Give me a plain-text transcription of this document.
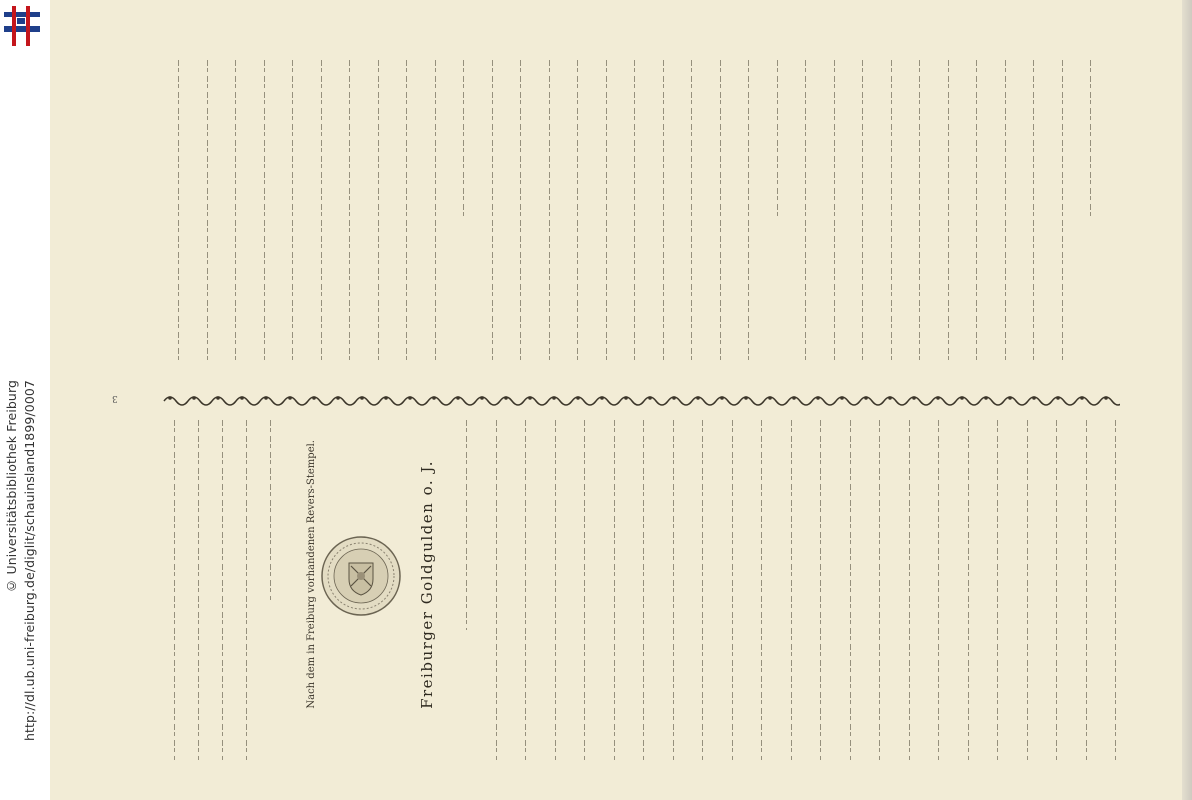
http://dl.ub.uni-freiburg.de/diglit/schauinsland1899/0007
© Universitätsbibliothek Freiburg	3
Freiburger Goldgulden o. J.
Nach dem in Freiburg vorhandenen Revers-Stempel.
